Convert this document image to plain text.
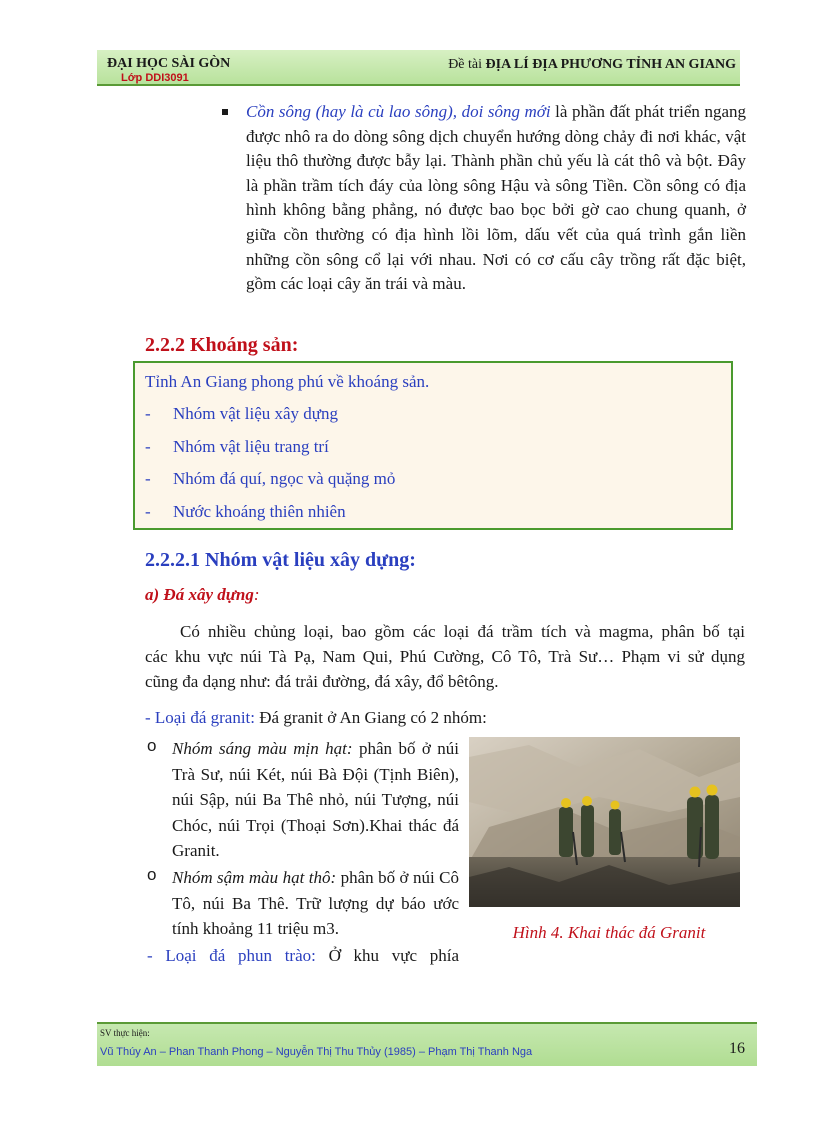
ĐẠI HỌC SÀI GÒN
Lớp DDI3091
Đề tài ĐỊA LÍ ĐỊA PHƯƠNG TỈNH AN GIANG

Cồn sông (hay là cù lao sông), doi sông mới là phần đất phát triển ngang được nhô ra do dòng sông dịch chuyển hướng dòng chảy đi nơi khác, vật liệu thô thường được bẫy lại. Thành phần chủ yếu là cát thô và bột. Đây là phần trầm tích đáy của lòng sông Hậu và sông Tiền. Cồn sông có địa hình không bằng phẳng, nó được bao bọc bởi gờ cao chung quanh, ở giữa cồn thường có địa hình lồi lõm, dấu vết của quá trình gắn liền những cồn sông cổ lại với nhau. Nơi có cơ cấu cây trồng rất đặc biệt, gồm các loại cây ăn trái và màu.

2.2.2 Khoáng sản:
Tỉnh An Giang phong phú về khoáng sản.
- Nhóm vật liệu xây dựng
- Nhóm vật liệu trang trí
- Nhóm đá quí, ngọc và quặng mỏ
- Nước khoáng thiên nhiên
2.2.2.1 Nhóm vật liệu xây dựng:
a) Đá xây dựng:
Có nhiều chủng loại, bao gồm các loại đá trầm tích và magma, phân bố tại
các khu vực núi Tà Pạ, Nam Qui, Phú Cường, Cô Tô, Trà Sư… Phạm vi sử dụng
cũng đa dạng như: đá trải đường, đá xây, đổ bêtông.
- Loại đá granit: Đá granit ở An Giang có 2 nhóm:
o Nhóm sáng màu mịn hạt: phân bố ở núi Trà Sư, núi Két, núi Bà Đội (Tịnh Biên), núi Sập, núi Ba Thê nhỏ, núi Tượng, núi Chóc, núi Trọi (Thoại Sơn).Khai thác đá Granit.
o Nhóm sậm màu hạt thô: phân bố ở núi Cô Tô, núi Ba Thê. Trữ lượng dự báo ước tính khoảng 11 triệu m3.
- Loại đá phun trào: Ở khu vực phía
Hình 4. Khai thác đá Granit
SV thực hiện:
Vũ Thúy An – Phan Thanh Phong – Nguyễn Thị Thu Thủy (1985) – Phạm Thị Thanh Nga	16
